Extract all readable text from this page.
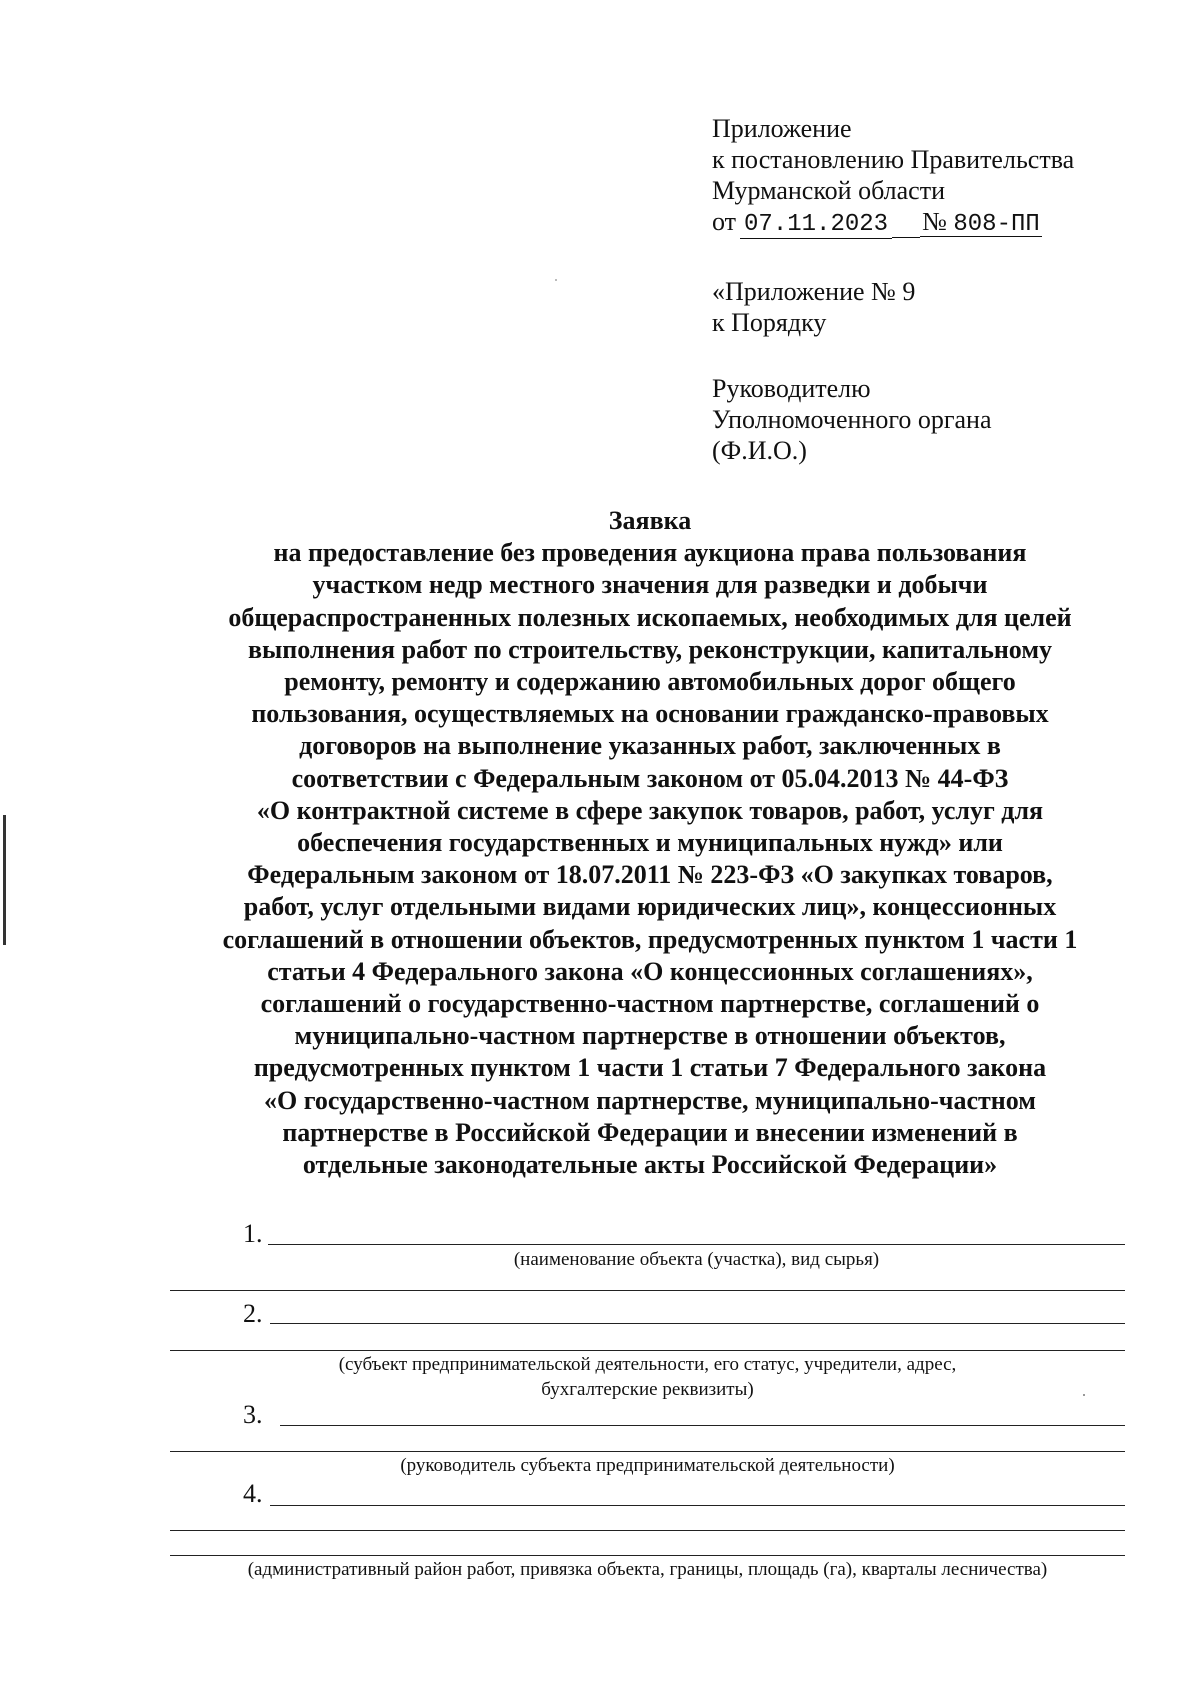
Приложение
к постановлению Правительства
Мурманской области
от 07.11.2023 № 808-ПП
«Приложение № 9
к Порядку
Руководителю
Уполномоченного органа
(Ф.И.О.)
Заявка
на предоставление без проведения аукциона права пользования
участком недр местного значения для разведки и добычи
общераспространенных полезных ископаемых, необходимых для целей
выполнения работ по строительству, реконструкции, капитальному
ремонту, ремонту и содержанию автомобильных дорог общего
пользования, осуществляемых на основании гражданско-правовых
договоров на выполнение указанных работ, заключенных в
соответствии с Федеральным законом от 05.04.2013 № 44-ФЗ
«О контрактной системе в сфере закупок товаров, работ, услуг для
обеспечения государственных и муниципальных нужд» или
Федеральным законом от 18.07.2011 № 223-ФЗ «О закупках товаров,
работ, услуг отдельными видами юридических лиц», концессионных
соглашений в отношении объектов, предусмотренных пунктом 1 части 1
статьи 4 Федерального закона «О концессионных соглашениях»,
соглашений о государственно-частном партнерстве, соглашений о
муниципально-частном партнерстве в отношении объектов,
предусмотренных пунктом 1 части 1 статьи 7 Федерального закона
«О государственно-частном партнерстве, муниципально-частном
партнерстве в Российской Федерации и внесении изменений в
отдельные законодательные акты Российской Федерации»
1.
(наименование объекта (участка), вид сырья)
2.
(субъект предпринимательской деятельности, его статус, учредители, адрес,
бухгалтерские реквизиты)
3.
(руководитель субъекта предпринимательской деятельности)
4.
(административный район работ, привязка объекта, границы, площадь (га), кварталы лесничества)
